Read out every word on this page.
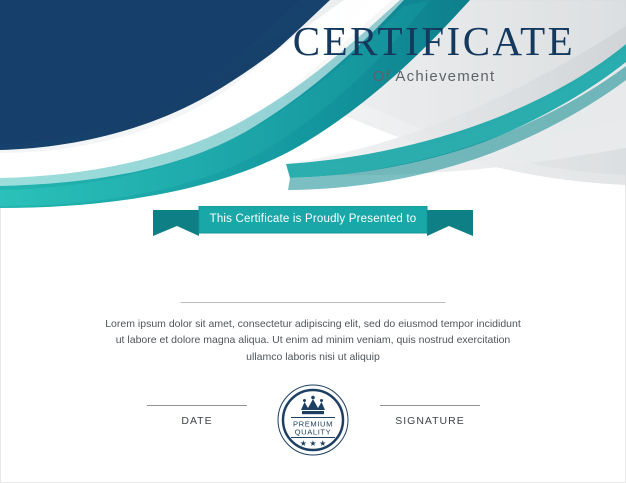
CERTIFICATE
Of Achievement
This Certificate is Proudly Presented to
Lorem ipsum dolor sit amet, consectetur adipiscing elit, sed do eiusmod tempor incididunt ut labore et dolore magna aliqua. Ut enim ad minim veniam, quis nostrud exercitation ullamco laboris nisi ut aliquip
PREMIUM
QUALITY
★ ★ ★
DATE	SIGNATURE
